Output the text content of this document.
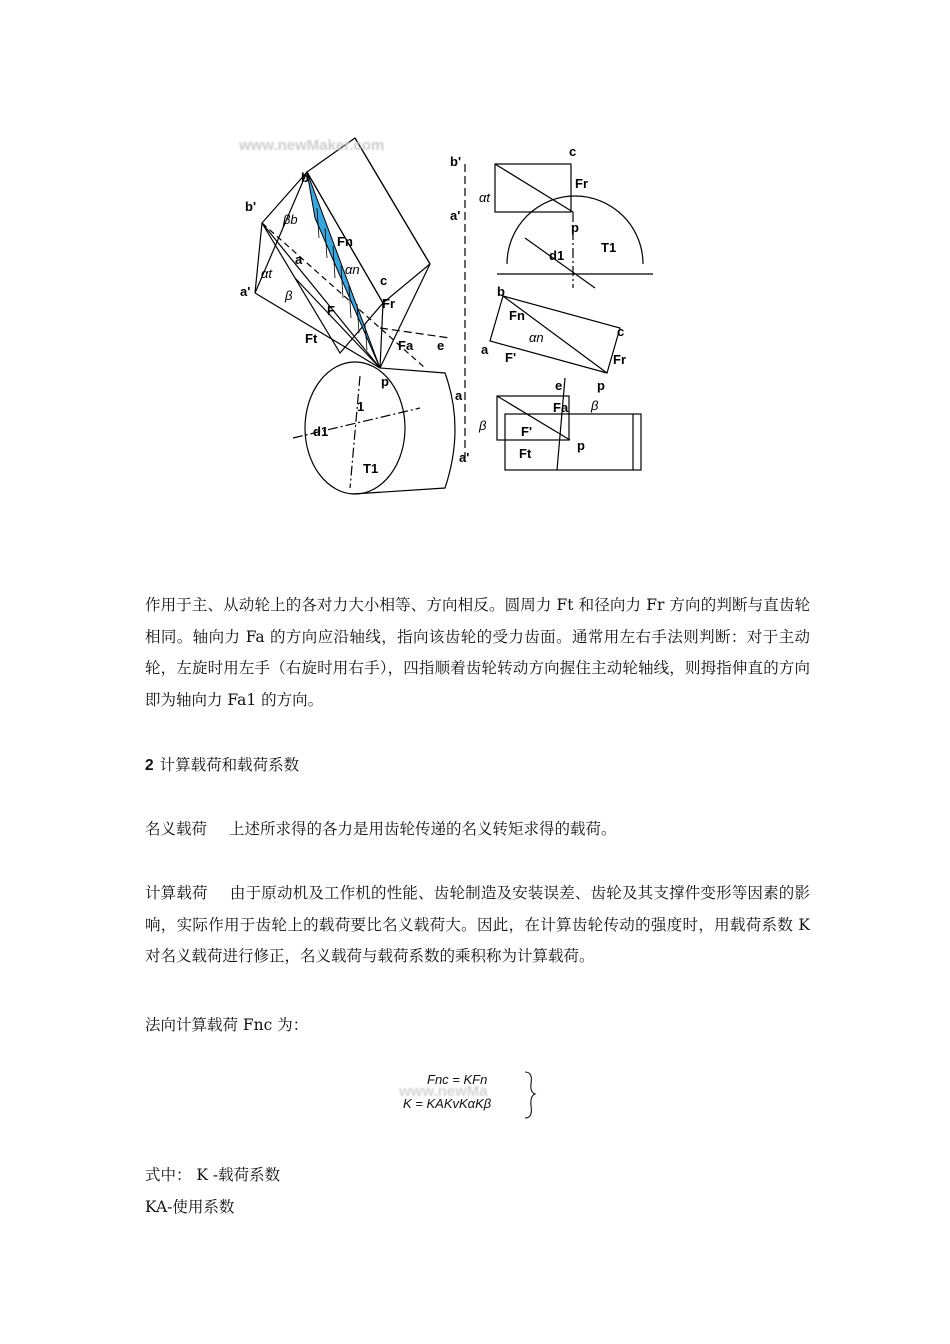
www.newMaker.com
b
b'
a
a'
c
Fr
Fa
Ft
Fn
F
p
e
d1
1
T1
αt
β
βb
αn
b'
c
Fr
a'
αt
p
d1
T1
b
Fn
c
a
F'
αn
Fr
e	p
Fa β
a
β	F'
p
Ft
a'

作用于主、从动轮上的各对力大小相等、方向相反。圆周力 Ft 和径向力 Fr 方向的判断与直齿轮相同。轴向力 Fa 的方向应沿轴线，指向该齿轮的受力齿面。通常用左右手法则判断：对于主动轮，左旋时用左手（右旋时用右手），四指顺着齿轮转动方向握住主动轮轴线，则拇指伸直的方向即为轴向力 Fa1 的方向。

2 计算载荷和载荷系数

名义载荷 上述所求得的各力是用齿轮传递的名义转矩求得的载荷。

计算载荷 由于原动机及工作机的性能、齿轮制造及安装误差、齿轮及其支撑件变形等因素的影响，实际作用于齿轮上的载荷要比名义载荷大。因此，在计算齿轮传动的强度时，用载荷系数 K 对名义载荷进行修正，名义载荷与载荷系数的乘积称为计算载荷。

法向计算载荷 Fnc 为：

www.newMa
Fnc = KFn
K = KAKvKαKβ

式中： K -载荷系数

KA-使用系数
